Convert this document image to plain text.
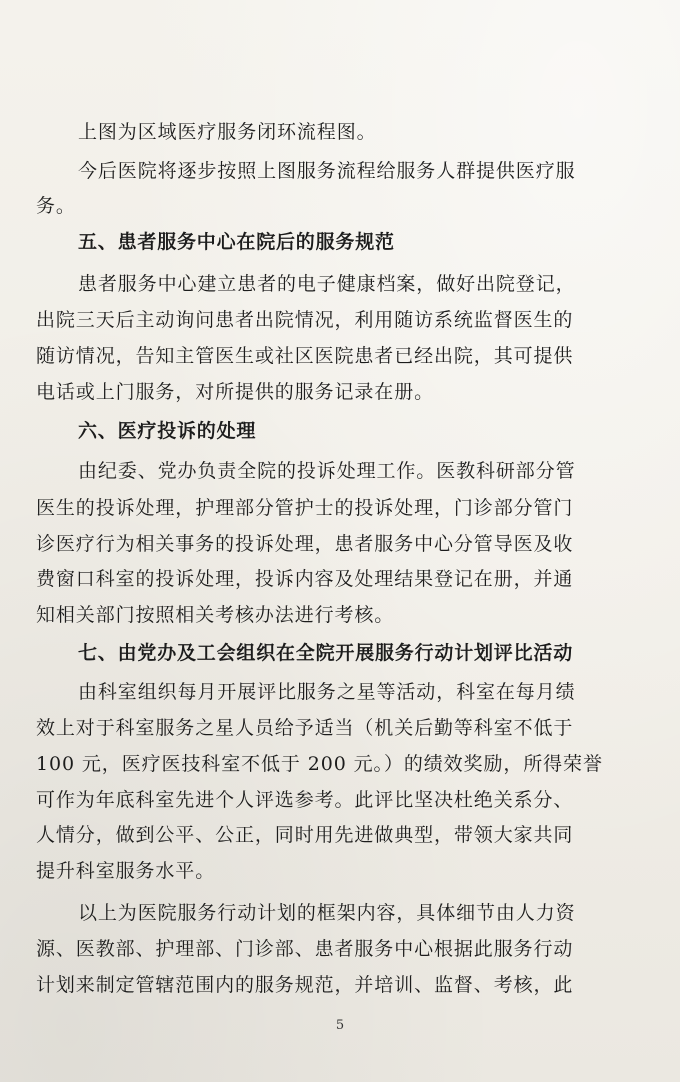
上图为区域医疗服务闭环流程图。
今后医院将逐步按照上图服务流程给服务人群提供医疗服
务。
五、患者服务中心在院后的服务规范
患者服务中心建立患者的电子健康档案，做好出院登记，
出院三天后主动询问患者出院情况，利用随访系统监督医生的
随访情况，告知主管医生或社区医院患者已经出院，其可提供
电话或上门服务，对所提供的服务记录在册。
六、医疗投诉的处理
由纪委、党办负责全院的投诉处理工作。医教科研部分管
医生的投诉处理，护理部分管护士的投诉处理，门诊部分管门
诊医疗行为相关事务的投诉处理，患者服务中心分管导医及收
费窗口科室的投诉处理，投诉内容及处理结果登记在册，并通
知相关部门按照相关考核办法进行考核。
七、由党办及工会组织在全院开展服务行动计划评比活动
由科室组织每月开展评比服务之星等活动，科室在每月绩
效上对于科室服务之星人员给予适当（机关后勤等科室不低于
100 元，医疗医技科室不低于 200 元。）的绩效奖励，所得荣誉
可作为年底科室先进个人评选参考。此评比坚决杜绝关系分、
人情分，做到公平、公正，同时用先进做典型，带领大家共同
提升科室服务水平。
以上为医院服务行动计划的框架内容，具体细节由人力资
源、医教部、护理部、门诊部、患者服务中心根据此服务行动
计划来制定管辖范围内的服务规范，并培训、监督、考核，此
5
